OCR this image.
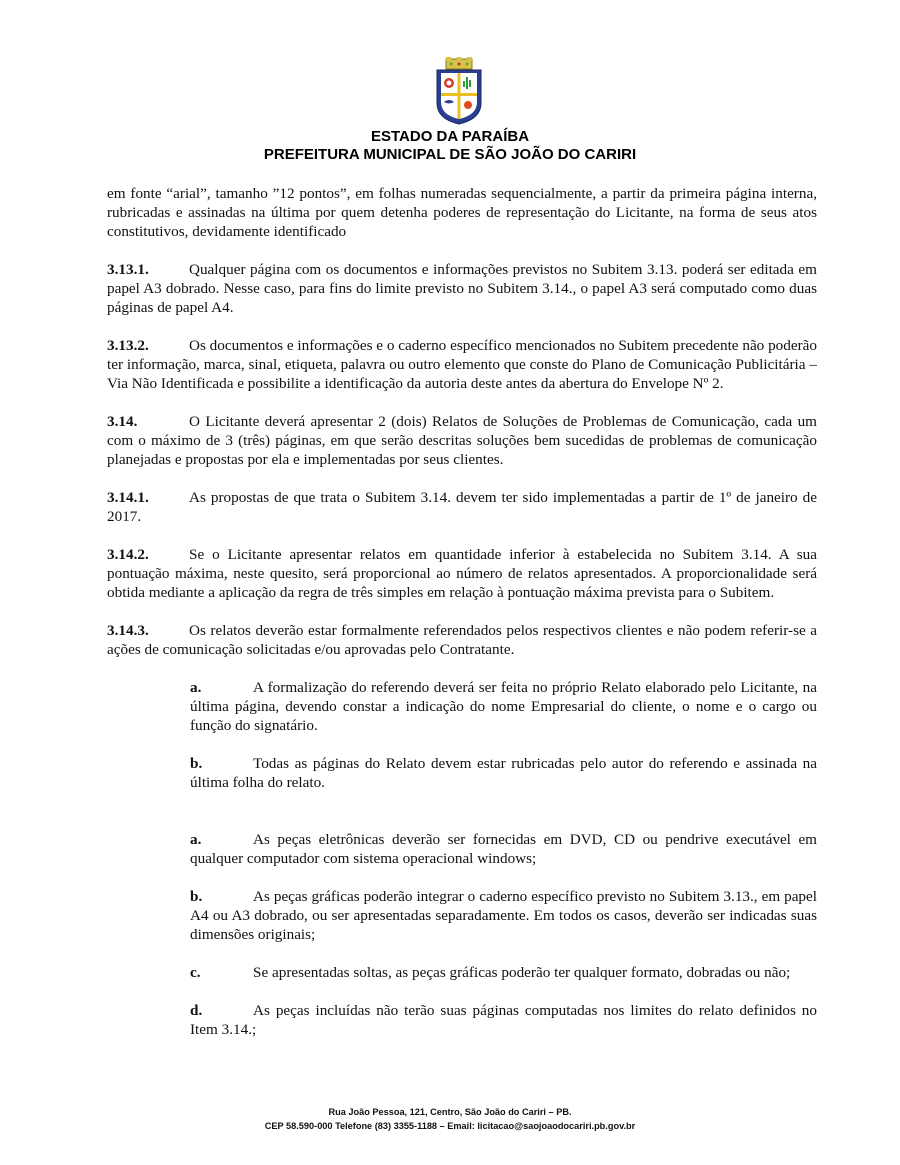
ESTADO DA PARAÍBA
PREFEITURA MUNICIPAL DE SÃO JOÃO DO CARIRI

em fonte “arial”, tamanho ”12 pontos”, em folhas numeradas sequencialmente, a partir da primeira página interna, rubricadas e assinadas na última por quem detenha poderes de representação do Licitante, na forma de seus atos constitutivos, devidamente identificado

3.13.1.	Qualquer página com os documentos e informações previstos no Subitem 3.13. poderá ser editada em papel A3 dobrado. Nesse caso, para fins do limite previsto no Subitem 3.14., o papel A3 será computado como duas páginas de papel A4.

3.13.2.	Os documentos e informações e o caderno específico mencionados no Subitem precedente não poderão ter informação, marca, sinal, etiqueta, palavra ou outro elemento que conste do Plano de Comunicação Publicitária – Via Não Identificada e possibilite a identificação da autoria deste antes da abertura do Envelope Nº 2.

3.14.	O Licitante deverá apresentar 2 (dois) Relatos de Soluções de Problemas de Comunicação, cada um com o máximo de 3 (três) páginas, em que serão descritas soluções bem sucedidas de problemas de comunicação planejadas e propostas por ela e implementadas por seus clientes.

3.14.1.	As propostas de que trata o Subitem 3.14. devem ter sido implementadas a partir de 1º de janeiro de 2017.

3.14.2.	Se o Licitante apresentar relatos em quantidade inferior à estabelecida no Subitem 3.14. A sua pontuação máxima, neste quesito, será proporcional ao número de relatos apresentados. A proporcionalidade será obtida mediante a aplicação da regra de três simples em relação à pontuação máxima prevista para o Subitem.

3.14.3.	Os relatos deverão estar formalmente referendados pelos respectivos clientes e não podem referir-se a ações de comunicação solicitadas e/ou aprovadas pelo Contratante.

a.	A formalização do referendo deverá ser feita no próprio Relato elaborado pelo Licitante, na última página, devendo constar a indicação do nome Empresarial do cliente, o nome e o cargo ou função do signatário.

b.	Todas as páginas do Relato devem estar rubricadas pelo autor do referendo e assinada na última folha do relato.

a.	As peças eletrônicas deverão ser fornecidas em DVD, CD ou pendrive executável em qualquer computador com sistema operacional windows;

b.	As peças gráficas poderão integrar o caderno específico previsto no Subitem 3.13., em papel A4 ou A3 dobrado, ou ser apresentadas separadamente. Em todos os casos, deverão ser indicadas suas dimensões originais;

c.	Se apresentadas soltas, as peças gráficas poderão ter qualquer formato, dobradas ou não;

d.	As peças incluídas não terão suas páginas computadas nos limites do relato definidos no Item 3.14.;

Rua João Pessoa, 121, Centro, São João do Cariri – PB.
CEP 58.590-000 Telefone (83) 3355-1188 – Email: licitacao@saojoaodocariri.pb.gov.br
